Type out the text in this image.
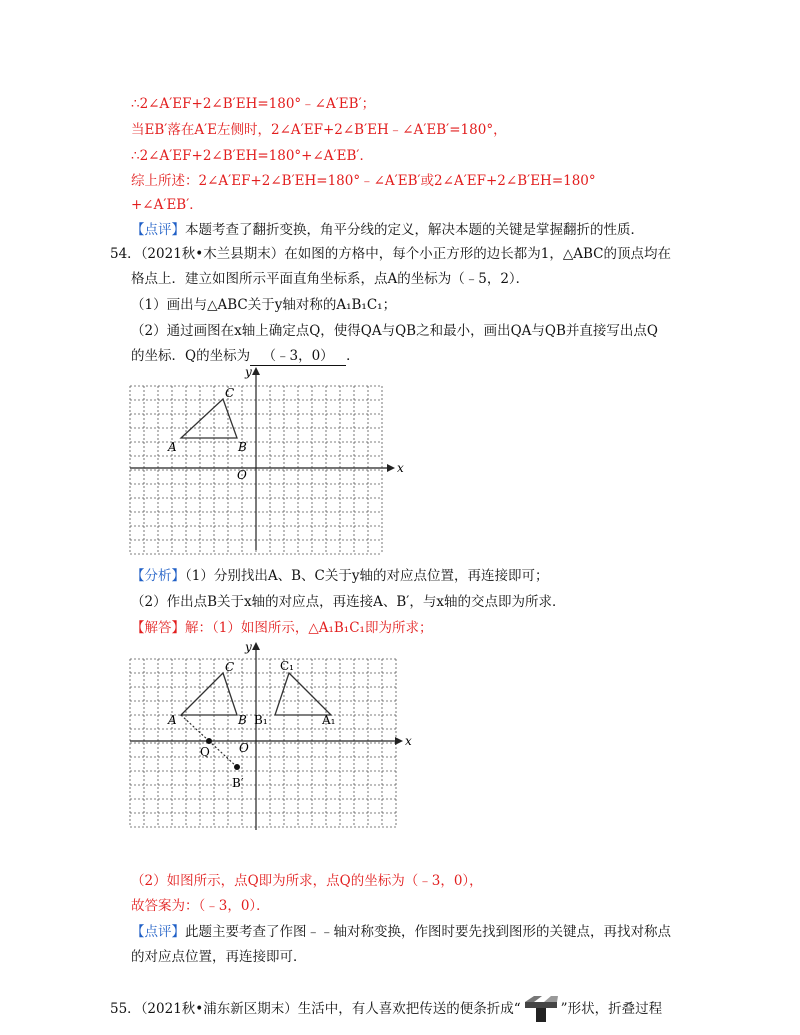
∴2∠A′EF+2∠B′EH=180°﹣∠A′EB′；
当EB′落在A′E左侧时，2∠A′EF+2∠B′EH﹣∠A′EB′=180°，
∴2∠A′EF+2∠B′EH=180°+∠A′EB′．
综上所述：2∠A′EF+2∠B′EH=180°﹣∠A′EB′或2∠A′EF+2∠B′EH=180°
+∠A′EB′．
【点评】本题考查了翻折变换，角平分线的定义，解决本题的关键是掌握翻折的性质．
54．（2021秋•木兰县期末）在如图的方格中，每个小正方形的边长都为1，△ABC的顶点均在
格点上．建立如图所示平面直角坐标系，点A的坐标为（﹣5，2）．
（1）画出与△ABC关于y轴对称的A₁B₁C₁；
（2）通过画图在x轴上确定点Q，使得QA与QB之和最小，画出QA与QB并直接写出点Q
的坐标．Q的坐标为 （﹣3，0） ．
x
y
O
A	B
C
【分析】（1）分别找出A、B、C关于y轴的对应点位置，再连接即可；
（2）作出点B关于x轴的对应点，再连接A、B′，与x轴的交点即为所求．
【解答】解：（1）如图所示，△A₁B₁C₁即为所求；
x
y
O
A	B
C
B₁	A₁
C₁
Q
B′
（2）如图所示，点Q即为所求，点Q的坐标为（﹣3，0），
故答案为：（﹣3，0）．
【点评】此题主要考查了作图﹣﹣轴对称变换，作图时要先找到图形的关键点，再找对称点
的对应点位置，再连接即可．
55．（2021秋•浦东新区期末）生活中，有人喜欢把传送的便条折成“	”形状，折叠过程
